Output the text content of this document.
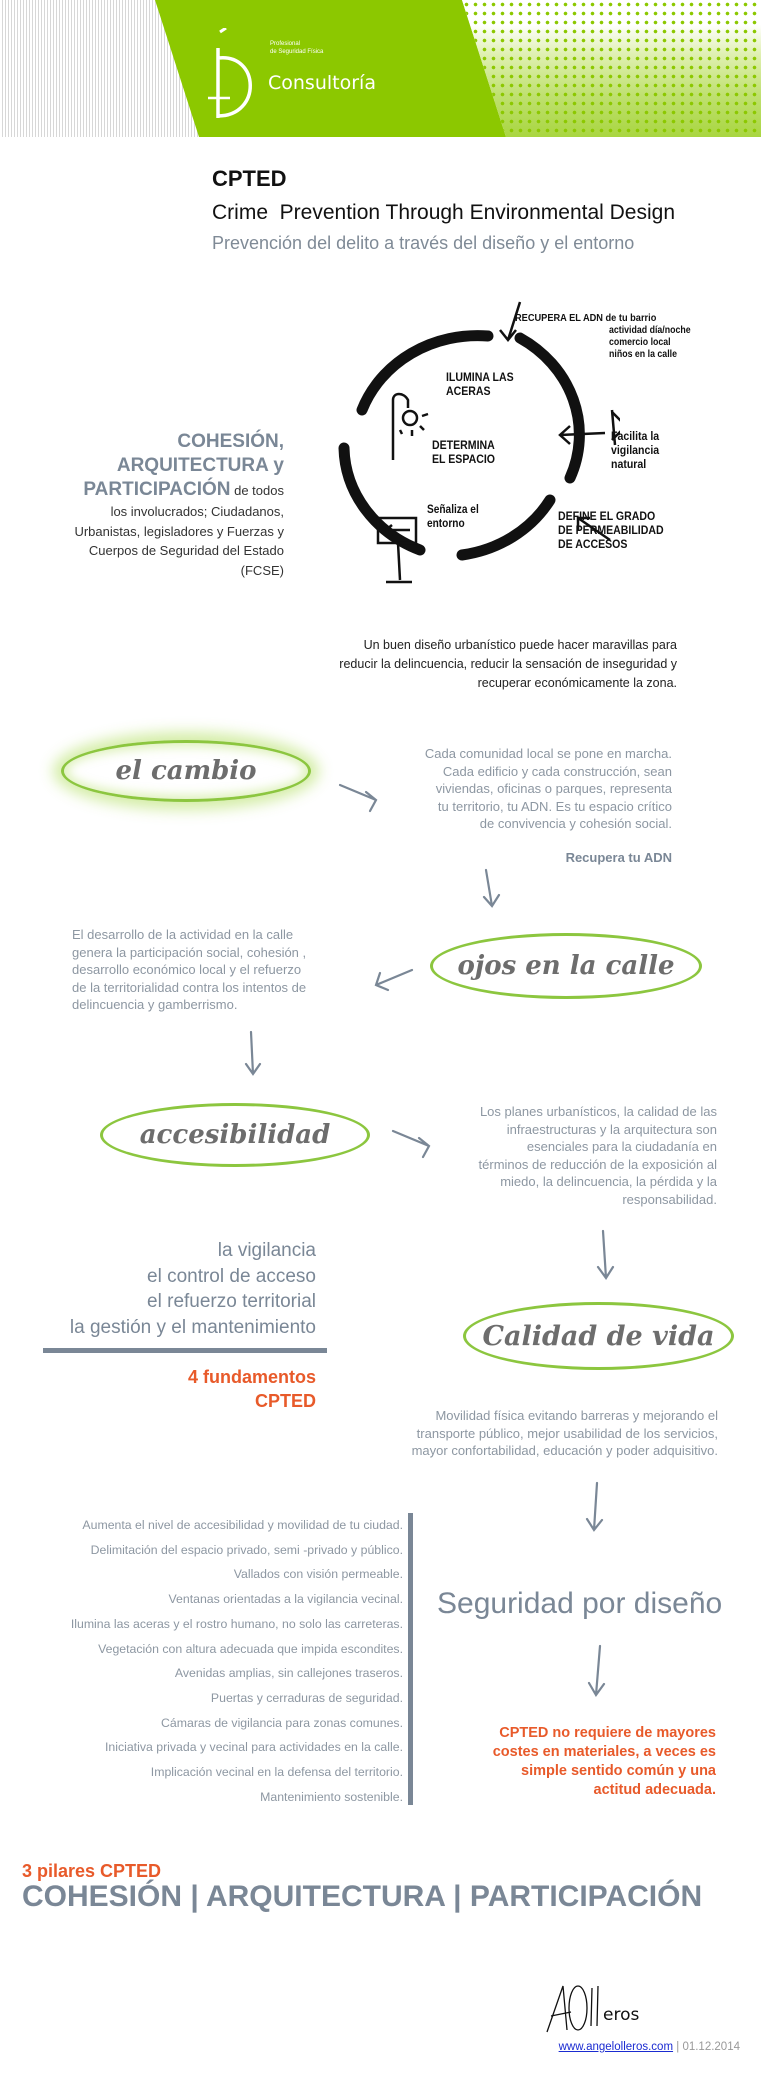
Profesional
de Seguridad Física
Consultoría
CPTED
Crime  Prevention Through Environmental Design
Prevención del delito a través del diseño y el entorno
RECUPERA EL ADN de tu barrio
actividad día/noche
comercio local
niños en la calle
ILUMINA LAS
ACERAS
DETERMINA
EL ESPACIO
Facilita la
vigilancia
natural
Señaliza el
entorno
DEFINE EL GRADO
DE PERMEABILIDAD
DE ACCESOS
COHESIÓN,
ARQUITECTURA y
PARTICIPACIÓN de todos
los involucrados; Ciudadanos,
Urbanistas, legisladores y Fuerzas y
Cuerpos de Seguridad del Estado
(FCSE)
Un buen diseño urbanístico puede hacer maravillas para
reducir la delincuencia, reducir la sensación de inseguridad y
recuperar económicamente la zona.
el cambio
Cada comunidad local se pone en marcha.
Cada edificio y cada construcción, sean
viviendas, oficinas o parques, representa
tu territorio, tu ADN. Es tu espacio crítico
de convivencia y cohesión social.
Recupera tu ADN
ojos en la calle
El desarrollo de la actividad en la calle
genera la participación social, cohesión ,
desarrollo económico local y el refuerzo
de la territorialidad contra los intentos de
delincuencia y gamberrismo.
accesibilidad
Los planes urbanísticos, la calidad de las
infraestructuras y la arquitectura son
esenciales para la ciudadanía en
términos de reducción de la exposición al
miedo, la delincuencia, la pérdida y la
responsabilidad.
la vigilancia
el control de acceso
el refuerzo territorial
la gestión y el mantenimiento
4 fundamentos
CPTED
Calidad de vida
Movilidad física evitando barreras y mejorando el
transporte público, mejor usabilidad de los servicios,
mayor confortabilidad, educación y poder adquisitivo.
Aumenta el nivel de accesibilidad y movilidad de tu ciudad.
Delimitación del espacio privado, semi -privado y público.
Vallados con visión permeable.
Ventanas orientadas a la vigilancia vecinal.
Ilumina las aceras y el rostro humano, no solo las carreteras.
Vegetación con altura adecuada que impida escondites.
Avenidas amplias, sin callejones traseros.
Puertas y cerraduras de seguridad.
Cámaras de vigilancia para zonas comunes.
Iniciativa privada y vecinal para actividades en la calle.
Implicación vecinal en la defensa del territorio.
Mantenimiento sostenible.
Seguridad por diseño
CPTED no requiere de mayores
costes en materiales, a veces es
simple sentido común y una
actitud adecuada.
3 pilares CPTED
COHESIÓN | ARQUITECTURA | PARTICIPACIÓN
eros
www.angelolleros.com | 01.12.2014
